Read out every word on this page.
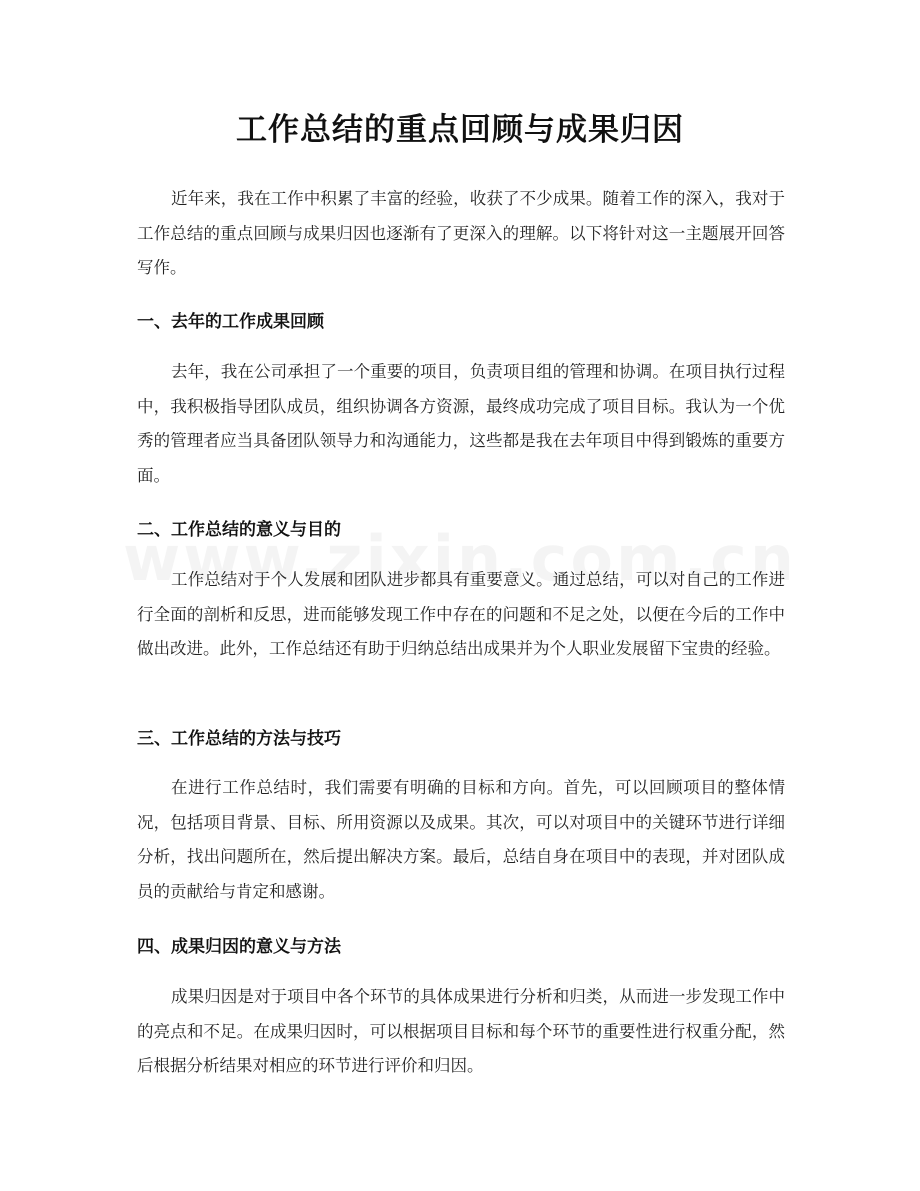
工作总结的重点回顾与成果归因
近年来，我在工作中积累了丰富的经验，收获了不少成果。随着工作的深入，我对于工作总结的重点回顾与成果归因也逐渐有了更深入的理解。以下将针对这一主题展开回答写作。
一、去年的工作成果回顾
去年，我在公司承担了一个重要的项目，负责项目组的管理和协调。在项目执行过程中，我积极指导团队成员，组织协调各方资源，最终成功完成了项目目标。我认为一个优秀的管理者应当具备团队领导力和沟通能力，这些都是我在去年项目中得到锻炼的重要方面。
二、工作总结的意义与目的
工作总结对于个人发展和团队进步都具有重要意义。通过总结，可以对自己的工作进行全面的剖析和反思，进而能够发现工作中存在的问题和不足之处，以便在今后的工作中做出改进。此外，工作总结还有助于归纳总结出成果并为个人职业发展留下宝贵的经验。
三、工作总结的方法与技巧
在进行工作总结时，我们需要有明确的目标和方向。首先，可以回顾项目的整体情况，包括项目背景、目标、所用资源以及成果。其次，可以对项目中的关键环节进行详细分析，找出问题所在，然后提出解决方案。最后，总结自身在项目中的表现，并对团队成员的贡献给与肯定和感谢。
四、成果归因的意义与方法
成果归因是对于项目中各个环节的具体成果进行分析和归类，从而进一步发现工作中的亮点和不足。在成果归因时，可以根据项目目标和每个环节的重要性进行权重分配，然后根据分析结果对相应的环节进行评价和归因。
